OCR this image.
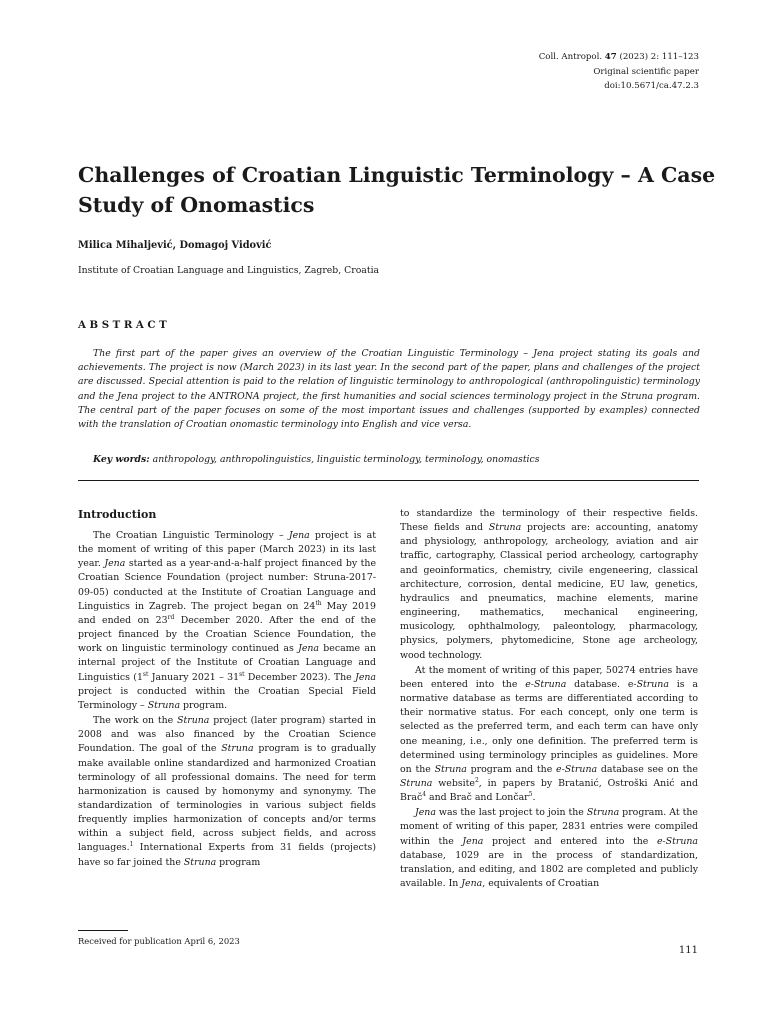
Coll. Antropol. 47 (2023) 2: 111–123
Original scientific paper
doi:10.5671/ca.47.2.3
Challenges of Croatian Linguistic Terminology – A Case Study of Onomastics

Milica Mihaljević, Domagoj Vidović

Institute of Croatian Language and Linguistics, Zagreb, Croatia

ABSTRACT

The first part of the paper gives an overview of the Croatian Linguistic Terminology – Jena project stating its goals and achievements. The project is now (March 2023) in its last year. In the second part of the paper, plans and challenges of the project are discussed. Special attention is paid to the relation of linguistic terminology to anthropological (anthropolinguistic) terminology and the Jena project to the ANTRONA project, the first humanities and social sciences terminology project in the Struna program. The central part of the paper focuses on some of the most important issues and challenges (supported by examples) connected with the translation of Croatian onomastic terminology into English and vice versa.

Key words: anthropology, anthropolinguistics, linguistic terminology, terminology, onomastics

Introduction

The Croatian Linguistic Terminology – Jena project is at the moment of writing of this paper (March 2023) in its last year. Jena started as a year-and-a-half project financed by the Croatian Science Foundation (project number: Struna-2017-09-05) conducted at the Institute of Croatian Language and Linguistics in Zagreb. The project began on 24th May 2019 and ended on 23rd December 2020. After the end of the project financed by the Croatian Science Foundation, the work on linguistic terminology continued as Jena became an internal project of the Institute of Croatian Language and Linguistics (1st January 2021 – 31st December 2023). The Jena project is conducted within the Croatian Special Field Terminology – Struna program.

The work on the Struna project (later program) started in 2008 and was also financed by the Croatian Science Foundation. The goal of the Struna program is to gradually make available online standardized and harmonized Croatian terminology of all professional domains. The need for term harmonization is caused by homonymy and synonymy. The standardization of terminologies in various subject fields frequently implies harmonization of concepts and/or terms within a subject field, across subject fields, and across languages.$^1$ International Experts from 31 fields (projects) have so far joined the Struna program

to standardize the terminology of their respective fields. These fields and Struna projects are: accounting, anatomy and physiology, anthropology, archeology, aviation and air traffic, cartography, Classical period archeology, cartography and geoinformatics, chemistry, civile engeneering, classical architecture, corrosion, dental medicine, EU law, genetics, hydraulics and pneumatics, machine elements, marine engineering, mathematics, mechanical engineering, musicology, ophthalmology, paleontology, pharmacology, physics, polymers, phytomedicine, Stone age archeology, wood technology.

At the moment of writing of this paper, 50274 entries have been entered into the e-Struna database. e-Struna is a normative database as terms are differentiated according to their normative status. For each concept, only one term is selected as the preferred term, and each term can have only one meaning, i.e., only one definition. The preferred term is determined using terminology principles as guidelines. More on the Struna program and the e-Struna database see on the Struna website$^2$, in papers by Bratanić, Ostroški Anić and Brač$^4$ and Brač and Lončar$^5$.

Jena was the last project to join the Struna program. At the moment of writing of this paper, 2831 entries were compiled within the Jena project and entered into the e-Struna database, 1029 are in the process of standardization, translation, and editing, and 1802 are completed and publicly available. In Jena, equivalents of Croatian

Received for publication April 6, 2023

111
